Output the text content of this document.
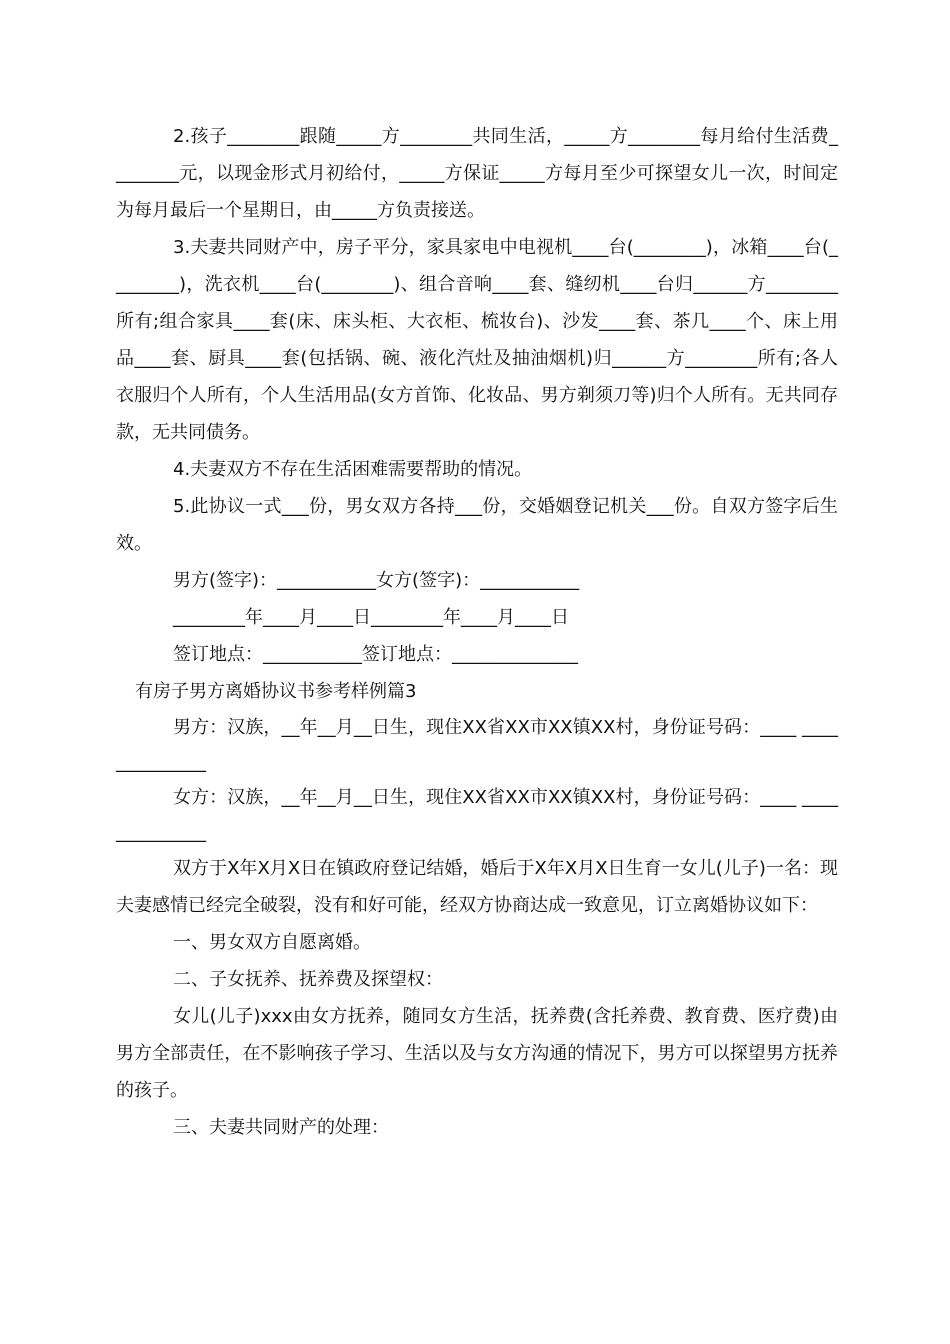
2.孩子________跟随_____方________共同生活，_____方________每月给付生活费________元，以现金形式月初给付，_____方保证_____方每月至少可探望女儿一次，时间定为每月最后一个星期日，由_____方负责接送。

3.夫妻共同财产中，房子平分，家具家电中电视机____台(________)，冰箱____台(________)，洗衣机____台(________)、组合音响____套、缝纫机____台归______方________所有;组合家具____套(床、床头柜、大衣柜、梳妆台)、沙发____套、茶几____个、床上用品____套、厨具____套(包括锅、碗、液化汽灶及抽油烟机)归______方________所有;各人衣服归个人所有，个人生活用品(女方首饰、化妆品、男方剃须刀等)归个人所有。无共同存款，无共同债务。

4.夫妻双方不存在生活困难需要帮助的情况。

5.此协议一式___份，男女双方各持___份，交婚姻登记机关___份。自双方签字后生效。

男方(签字)：___________女方(签字)：___________

________年____月____日________年____月____日

签订地点：___________签订地点：______________

有房子男方离婚协议书参考样例篇3

男方：汉族，__年__月__日生，现住XX省XX市XX镇XX村，身份证号码：____ ______________

女方：汉族，__年__月__日生，现住XX省XX市XX镇XX村，身份证号码：____ ______________

双方于X年X月X日在镇政府登记结婚，婚后于X年X月X日生育一女儿(儿子)一名：现夫妻感情已经完全破裂，没有和好可能，经双方协商达成一致意见，订立离婚协议如下：

一、男女双方自愿离婚。

二、子女抚养、抚养费及探望权：

女儿(儿子)xxx由女方抚养，随同女方生活，抚养费(含托养费、教育费、医疗费)由男方全部责任，在不影响孩子学习、生活以及与女方沟通的情况下，男方可以探望男方抚养的孩子。

三、夫妻共同财产的处理：
